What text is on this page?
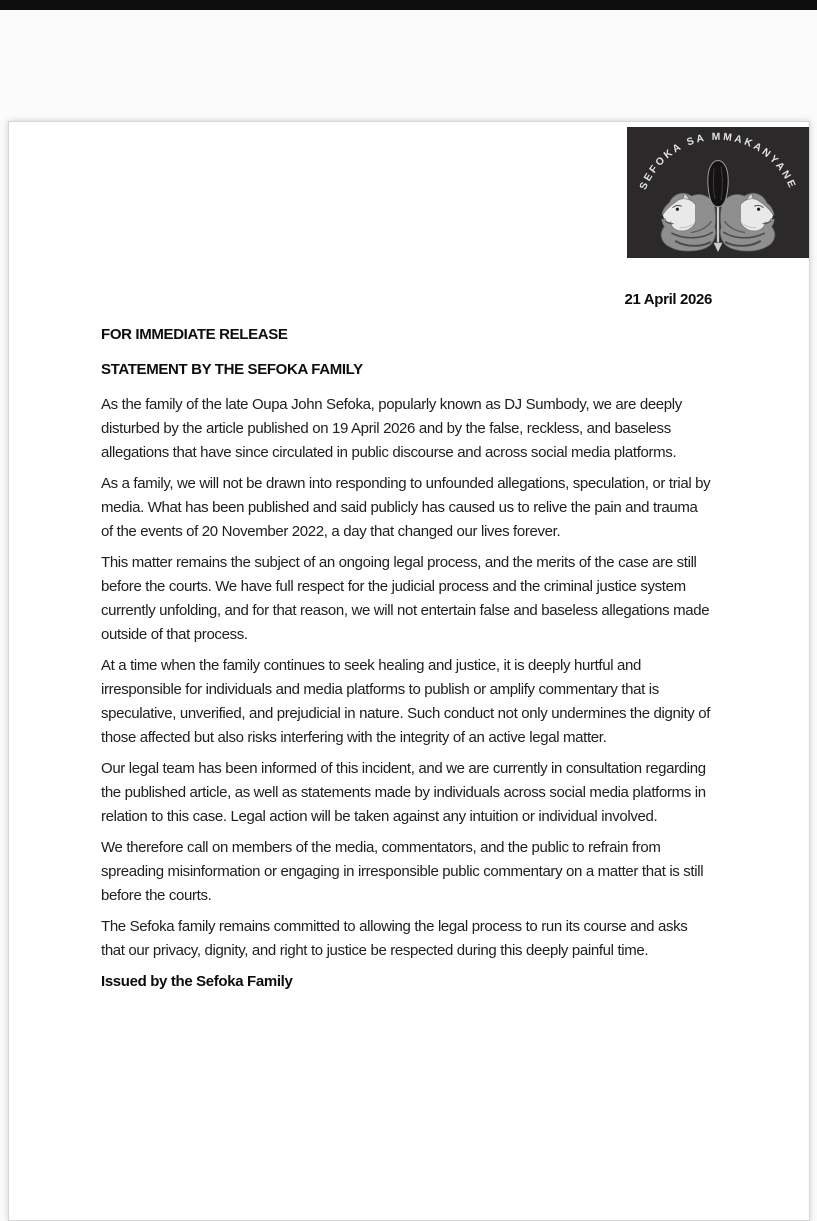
SEFOKA SA MMAKANYANE

21 April 2026

FOR IMMEDIATE RELEASE

STATEMENT BY THE SEFOKA FAMILY

As the family of the late Oupa John Sefoka, popularly known as DJ Sumbody, we are deeply disturbed by the article published on 19 April 2026 and by the false, reckless, and baseless allegations that have since circulated in public discourse and across social media platforms.

As a family, we will not be drawn into responding to unfounded allegations, speculation, or trial by media. What has been published and said publicly has caused us to relive the pain and trauma of the events of 20 November 2022, a day that changed our lives forever.

This matter remains the subject of an ongoing legal process, and the merits of the case are still before the courts. We have full respect for the judicial process and the criminal justice system currently unfolding, and for that reason, we will not entertain false and baseless allegations made outside of that process.

At a time when the family continues to seek healing and justice, it is deeply hurtful and irresponsible for individuals and media platforms to publish or amplify commentary that is speculative, unverified, and prejudicial in nature. Such conduct not only undermines the dignity of those affected but also risks interfering with the integrity of an active legal matter.

Our legal team has been informed of this incident, and we are currently in consultation regarding the published article, as well as statements made by individuals across social media platforms in relation to this case. Legal action will be taken against any intuition or individual involved.

We therefore call on members of the media, commentators, and the public to refrain from spreading misinformation or engaging in irresponsible public commentary on a matter that is still before the courts.

The Sefoka family remains committed to allowing the legal process to run its course and asks that our privacy, dignity, and right to justice be respected during this deeply painful time.

Issued by the Sefoka Family
